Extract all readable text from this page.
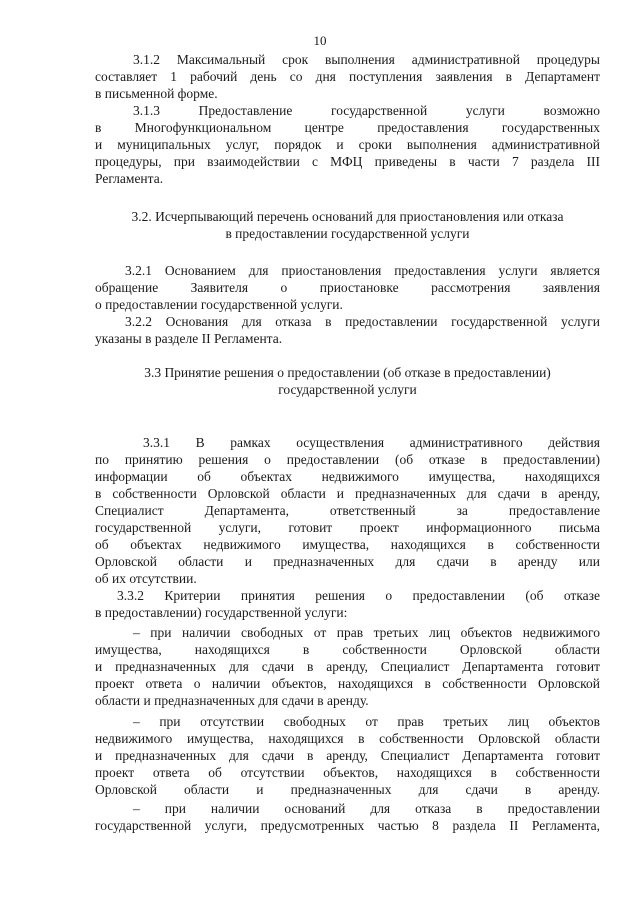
10
3.1.2 Максимальный срок выполнения административной процедуры
составляет 1 рабочий день со дня поступления заявления в Департамент
в письменной форме.
3.1.3 Предоставление государственной услуги возможно
в Многофункциональном центре предоставления государственных
и муниципальных услуг, порядок и сроки выполнения административной
процедуры, при взаимодействии с МФЦ приведены в части 7 раздела III
Регламента.
3.2. Исчерпывающий перечень оснований для приостановления или отказа
в предоставлении государственной услуги
3.2.1 Основанием для приостановления предоставления услуги является
обращение Заявителя о приостановке рассмотрения заявления
о предоставлении государственной услуги.
3.2.2 Основания для отказа в предоставлении государственной услуги
указаны в разделе II Регламента.
3.3 Принятие решения о предоставлении (об отказе в предоставлении)
государственной услуги
3.3.1 В рамках осуществления административного действия
по принятию решения о предоставлении (об отказе в предоставлении)
информации об объектах недвижимого имущества, находящихся
в собственности Орловской области и предназначенных для сдачи в аренду,
Специалист Департамента, ответственный за предоставление
государственной услуги, готовит проект информационного письма
об объектах недвижимого имущества, находящихся в собственности
Орловской области и предназначенных для сдачи в аренду или
об их отсутствии.
3.3.2 Критерии принятия решения о предоставлении (об отказе
в предоставлении) государственной услуги:
– при наличии свободных от прав третьих лиц объектов недвижимого
имущества, находящихся в собственности Орловской области
и предназначенных для сдачи в аренду, Специалист Департамента готовит
проект ответа о наличии объектов, находящихся в собственности Орловской
области и предназначенных для сдачи в аренду.
– при отсутствии свободных от прав третьих лиц объектов
недвижимого имущества, находящихся в собственности Орловской области
и предназначенных для сдачи в аренду, Специалист Департамента готовит
проект ответа об отсутствии объектов, находящихся в собственности
Орловской области и предназначенных для сдачи в аренду.
– при наличии оснований для отказа в предоставлении
государственной услуги, предусмотренных частью 8 раздела II Регламента,
